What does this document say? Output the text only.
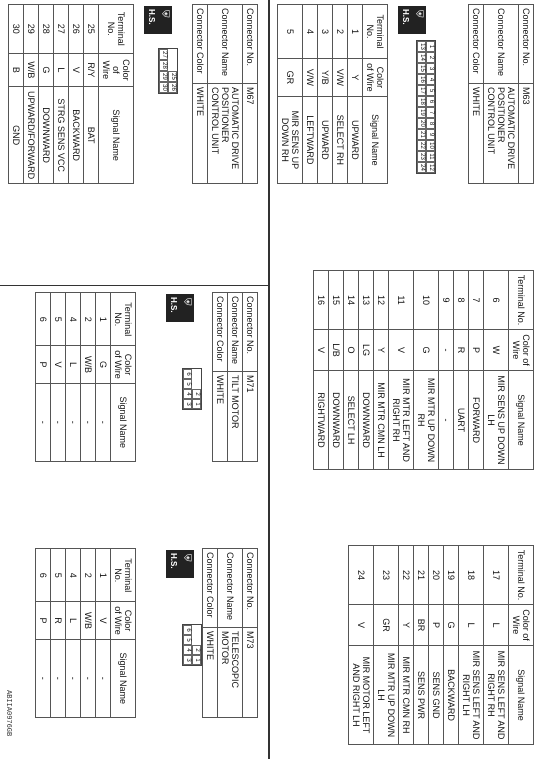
Connector No.	M63
Connector Name	AUTOMATIC DRIVE POSITIONER CONTROL UNIT
Connector Color	WHITE
⛨
H.S.
1
2
3
4
5
6
7
8
9
10
11
12
13
14
15
16
17
18
19
20
21
22
23
24
Terminal No.	Color of Wire	Signal Name
1	Y	UPWARD
2	V/W	SELECT RH
3	Y/B	UPWARD
4	V/W	LEFTWARD
5	GR	MIR SENS UP DOWN RH
Terminal No.	Color of Wire	Signal Name
6	W	MIR SENS UP DOWN LH
7	P	FORWARD
8	R	UART
9	-	-
10	G	MIR MTR UP DOWN RH
11	V	MIR MTR LEFT AND RIGHT RH
12	Y	MIR MTR CMN LH
13	LG	DOWNWARD
14	O	SELECT LH
15	L/B	DOWNWARD
16	V	RIGHTWARD
Terminal No.	Color of Wire	Signal Name
17	L	MIR SENS LEFT AND RIGHT RH
18	L	MIR SENS LEFT AND RIGHT LH
19	G	BACKWARD
20	P	SENS GND
21	BR	SENS PWR
22	Y	MIR MTR CMN RH
23	GR	MIR MTR UP DOWN LH
24	V	MIR MOTOR LEFT AND RIGHT LH
Connector No.	M67
Connector Name	AUTOMATIC DRIVE POSITIONER CONTROL UNIT
Connector Color	WHITE
⛨
H.S.
25
26
27
28
29
30
Terminal No.	Color of Wire	Signal Name
25	R/Y	BAT
26	V	BACKWARD
27	L	STRG SENS VCC
28	G	DOWNWARD
29	W/B	UPWARD/FORWARD
30	B	GND
Connector No.	M71
Connector Name	TILT MOTOR
Connector Color	WHITE
⛨
H.S.
2
1
6
5
4
3
Terminal No.	Color of Wire	Signal Name
1	G	-
2	W/B	-
4	L	-
5	V	-
6	P	-
Connector No.	M73
Connector Name	TELESCOPIC MOTOR
Connector Color	WHITE
⛨
H.S.
2
1
6
5
4
3
Terminal No.	Color of Wire	Signal Name
1	V	-
2	W/B	-
4	L	-
5	R	-
6	P	-
ABIIA0976GB
